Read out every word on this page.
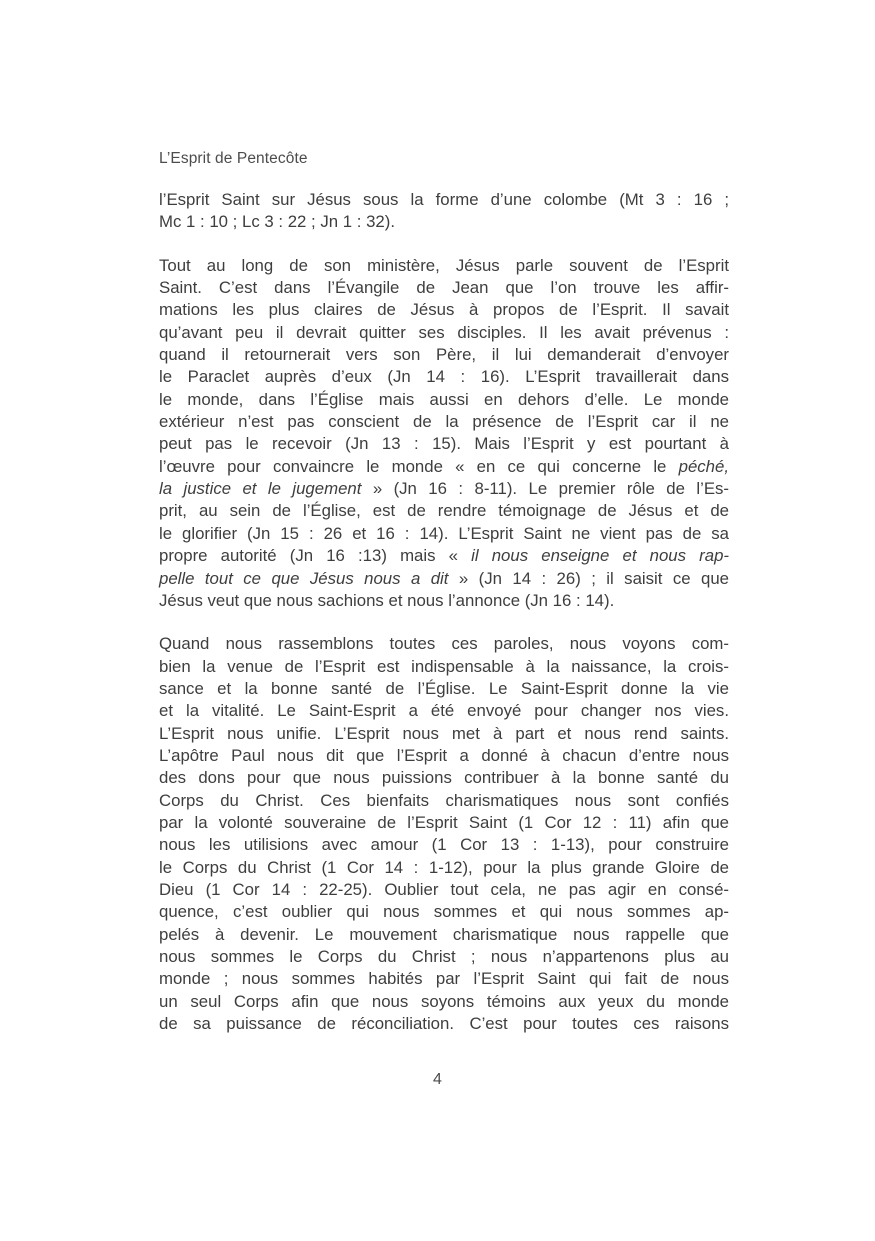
L’Esprit de Pentecôte
l’Esprit Saint sur Jésus sous la forme d’une colombe (Mt 3 : 16 ;
Mc 1 : 10 ; Lc 3 : 22 ; Jn 1 : 32).
Tout au long de son ministère, Jésus parle souvent de l’Esprit
Saint. C’est dans l’Évangile de Jean que l’on trouve les affir-
mations les plus claires de Jésus à propos de l’Esprit. Il savait
qu’avant peu il devrait quitter ses disciples. Il les avait prévenus :
quand il retournerait vers son Père, il lui demanderait d’envoyer
le Paraclet auprès d’eux (Jn 14 : 16). L’Esprit travaillerait dans
le monde, dans l’Église mais aussi en dehors d’elle. Le monde
extérieur n’est pas conscient de la présence de l’Esprit car il ne
peut pas le recevoir (Jn 13 : 15). Mais l’Esprit y est pourtant à
l’œuvre pour convaincre le monde « en ce qui concerne le péché,
la justice et le jugement » (Jn 16 : 8-11). Le premier rôle de l’Es-
prit, au sein de l’Église, est de rendre témoignage de Jésus et de
le glorifier (Jn 15 : 26 et 16 : 14). L’Esprit Saint ne vient pas de sa
propre autorité (Jn 16 :13) mais « il nous enseigne et nous rap-
pelle tout ce que Jésus nous a dit » (Jn 14 : 26) ; il saisit ce que
Jésus veut que nous sachions et nous l’annonce (Jn 16 : 14).
Quand nous rassemblons toutes ces paroles, nous voyons com-
bien la venue de l’Esprit est indispensable à la naissance, la crois-
sance et la bonne santé de l’Église. Le Saint-Esprit donne la vie
et la vitalité. Le Saint-Esprit a été envoyé pour changer nos vies.
L’Esprit nous unifie. L’Esprit nous met à part et nous rend saints.
L’apôtre Paul nous dit que l’Esprit a donné à chacun d’entre nous
des dons pour que nous puissions contribuer à la bonne santé du
Corps du Christ. Ces bienfaits charismatiques nous sont confiés
par la volonté souveraine de l’Esprit Saint (1 Cor 12 : 11) afin que
nous les utilisions avec amour (1 Cor 13 : 1-13), pour construire
le Corps du Christ (1 Cor 14 : 1-12), pour la plus grande Gloire de
Dieu (1 Cor 14 : 22-25). Oublier tout cela, ne pas agir en consé-
quence, c’est oublier qui nous sommes et qui nous sommes ap-
pelés à devenir. Le mouvement charismatique nous rappelle que
nous sommes le Corps du Christ ; nous n’appartenons plus au
monde ; nous sommes habités par l’Esprit Saint qui fait de nous
un seul Corps afin que nous soyons témoins aux yeux du monde
de sa puissance de réconciliation. C’est pour toutes ces raisons
4
